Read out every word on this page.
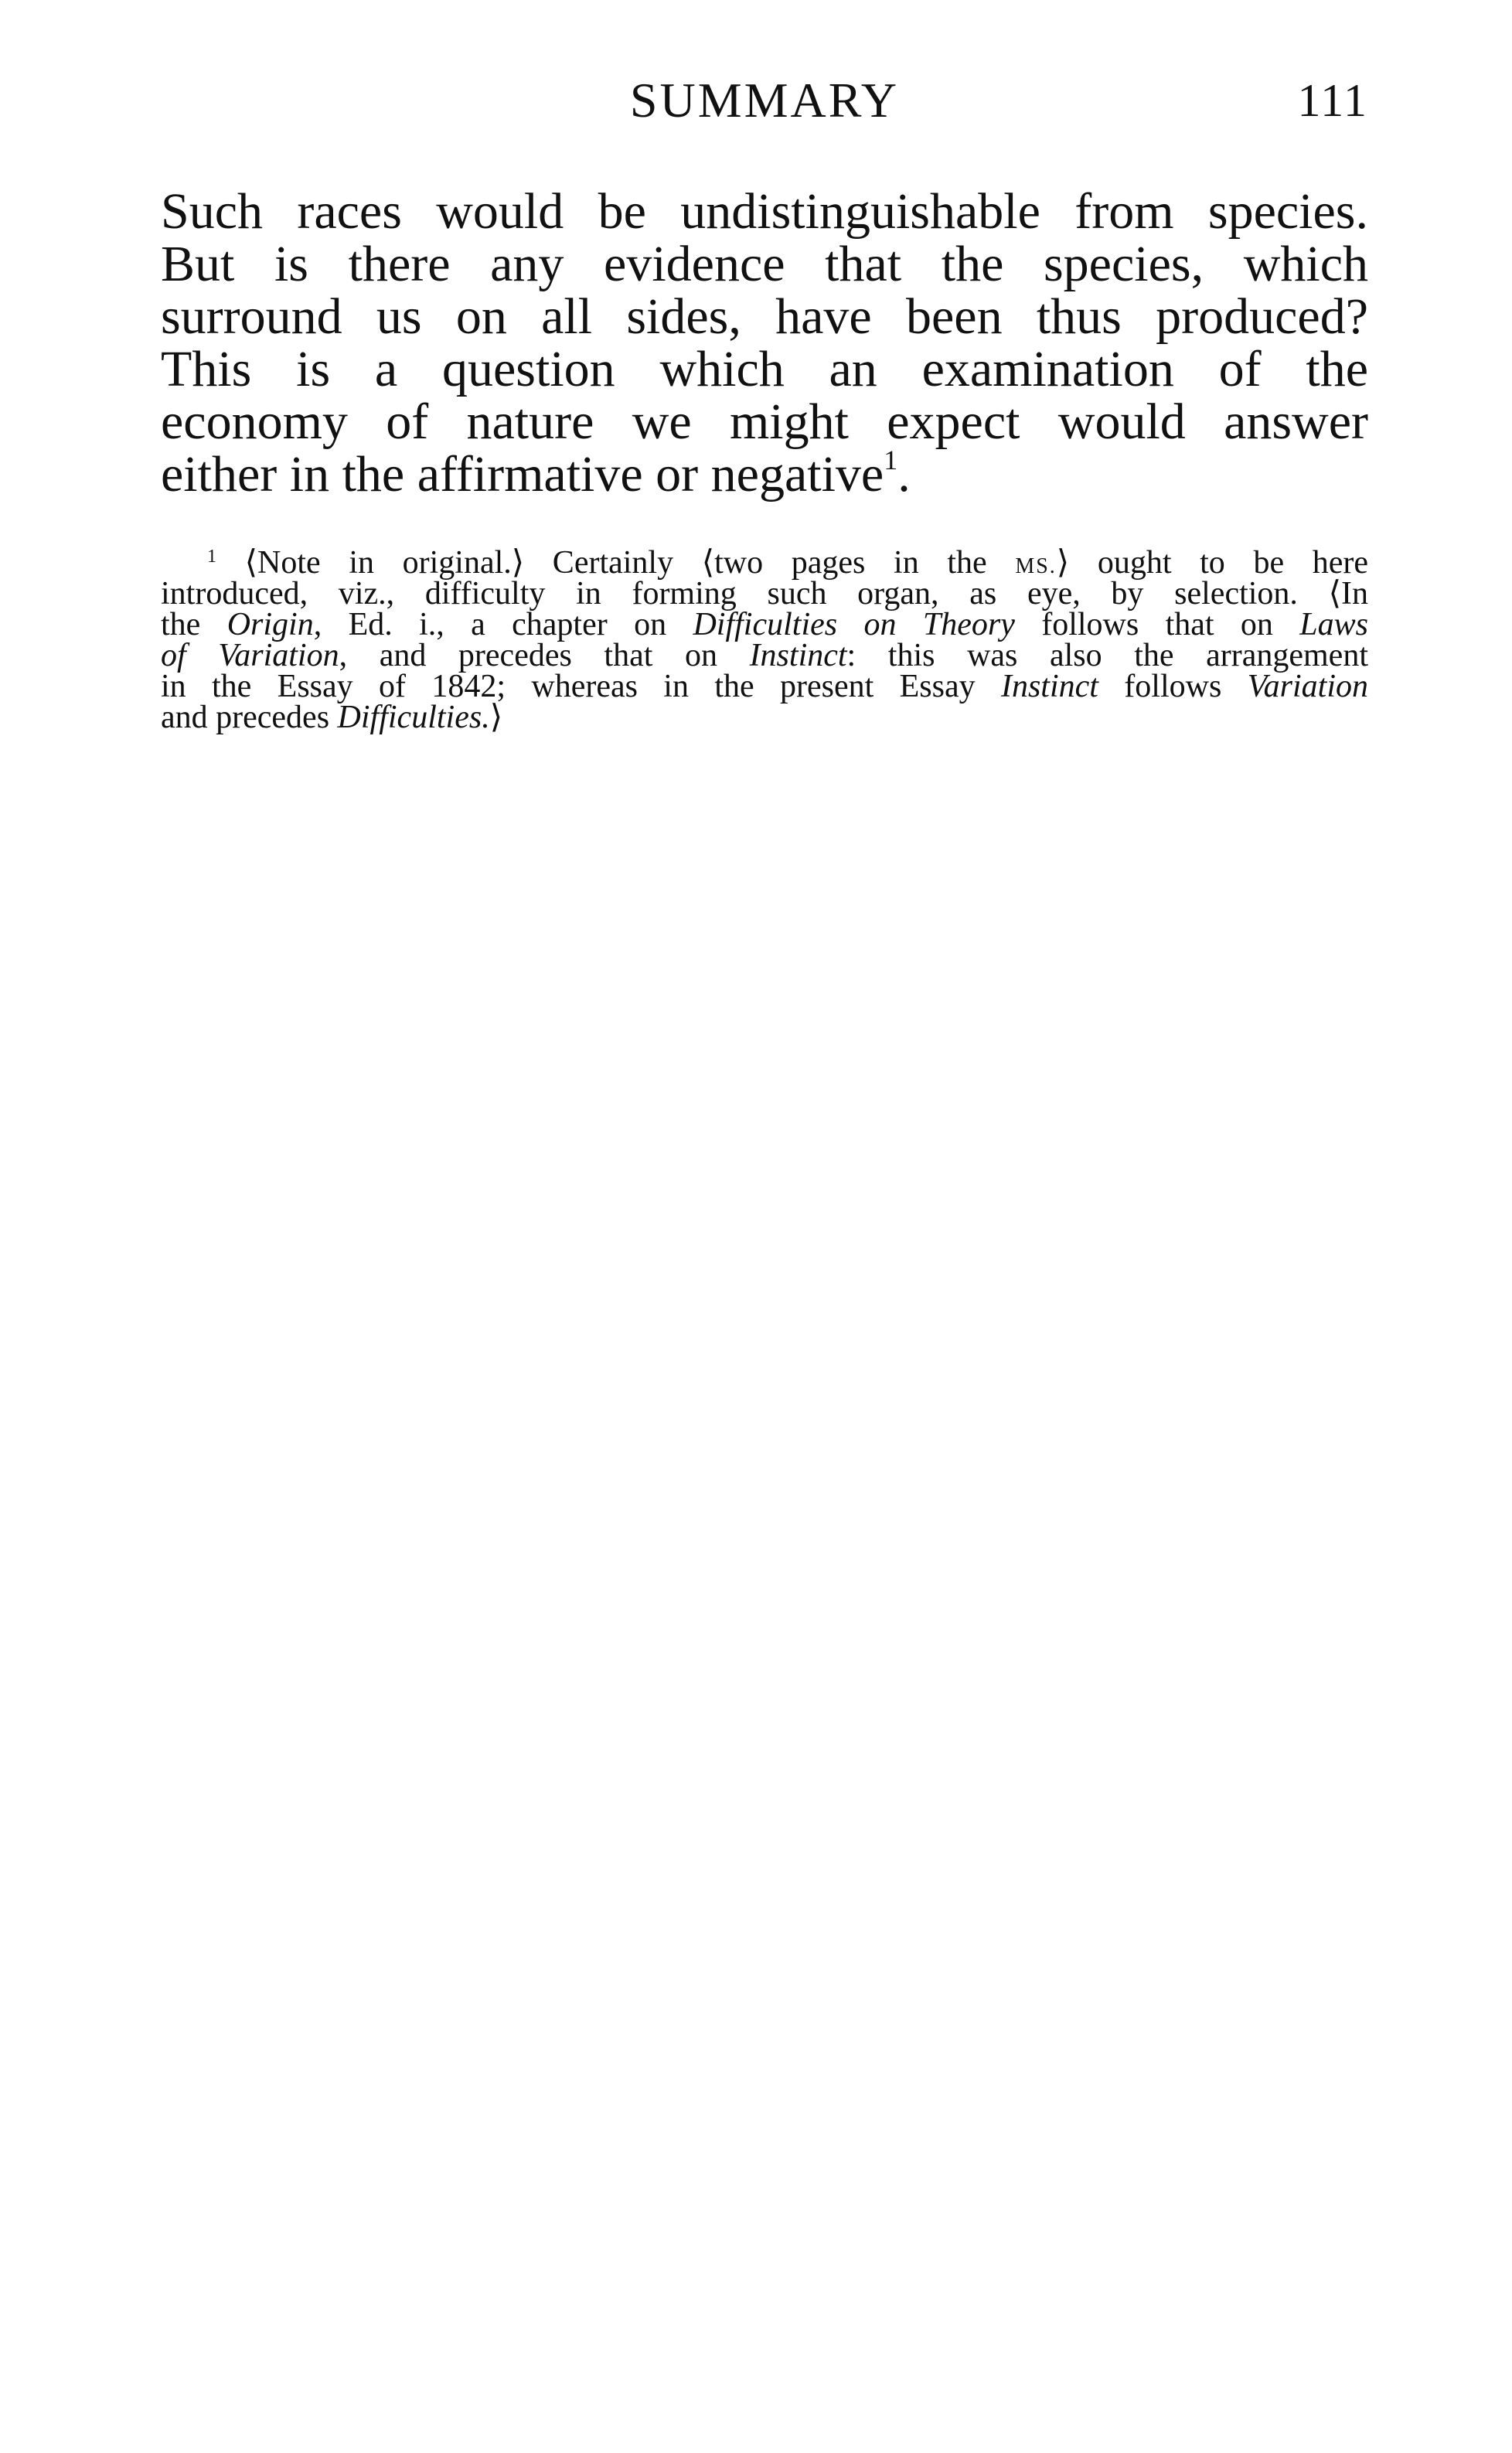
SUMMARY	111

Such races would be undistinguishable from species.
But is there any evidence that the species, which
surround us on all sides, have been thus produced?
This is a question which an examination of the
economy of nature we might expect would answer
either in the affirmative or negative$^1$.

$^1$ ⟨Note in original.⟩ Certainly ⟨two pages in the MS.⟩ ought to be here
introduced, viz., difficulty in forming such organ, as eye, by selection. ⟨In
the Origin, Ed. i., a chapter on Difficulties on Theory follows that on Laws
of Variation, and precedes that on Instinct: this was also the arrangement
in the Essay of 1842; whereas in the present Essay Instinct follows Variation
and precedes Difficulties.⟩
